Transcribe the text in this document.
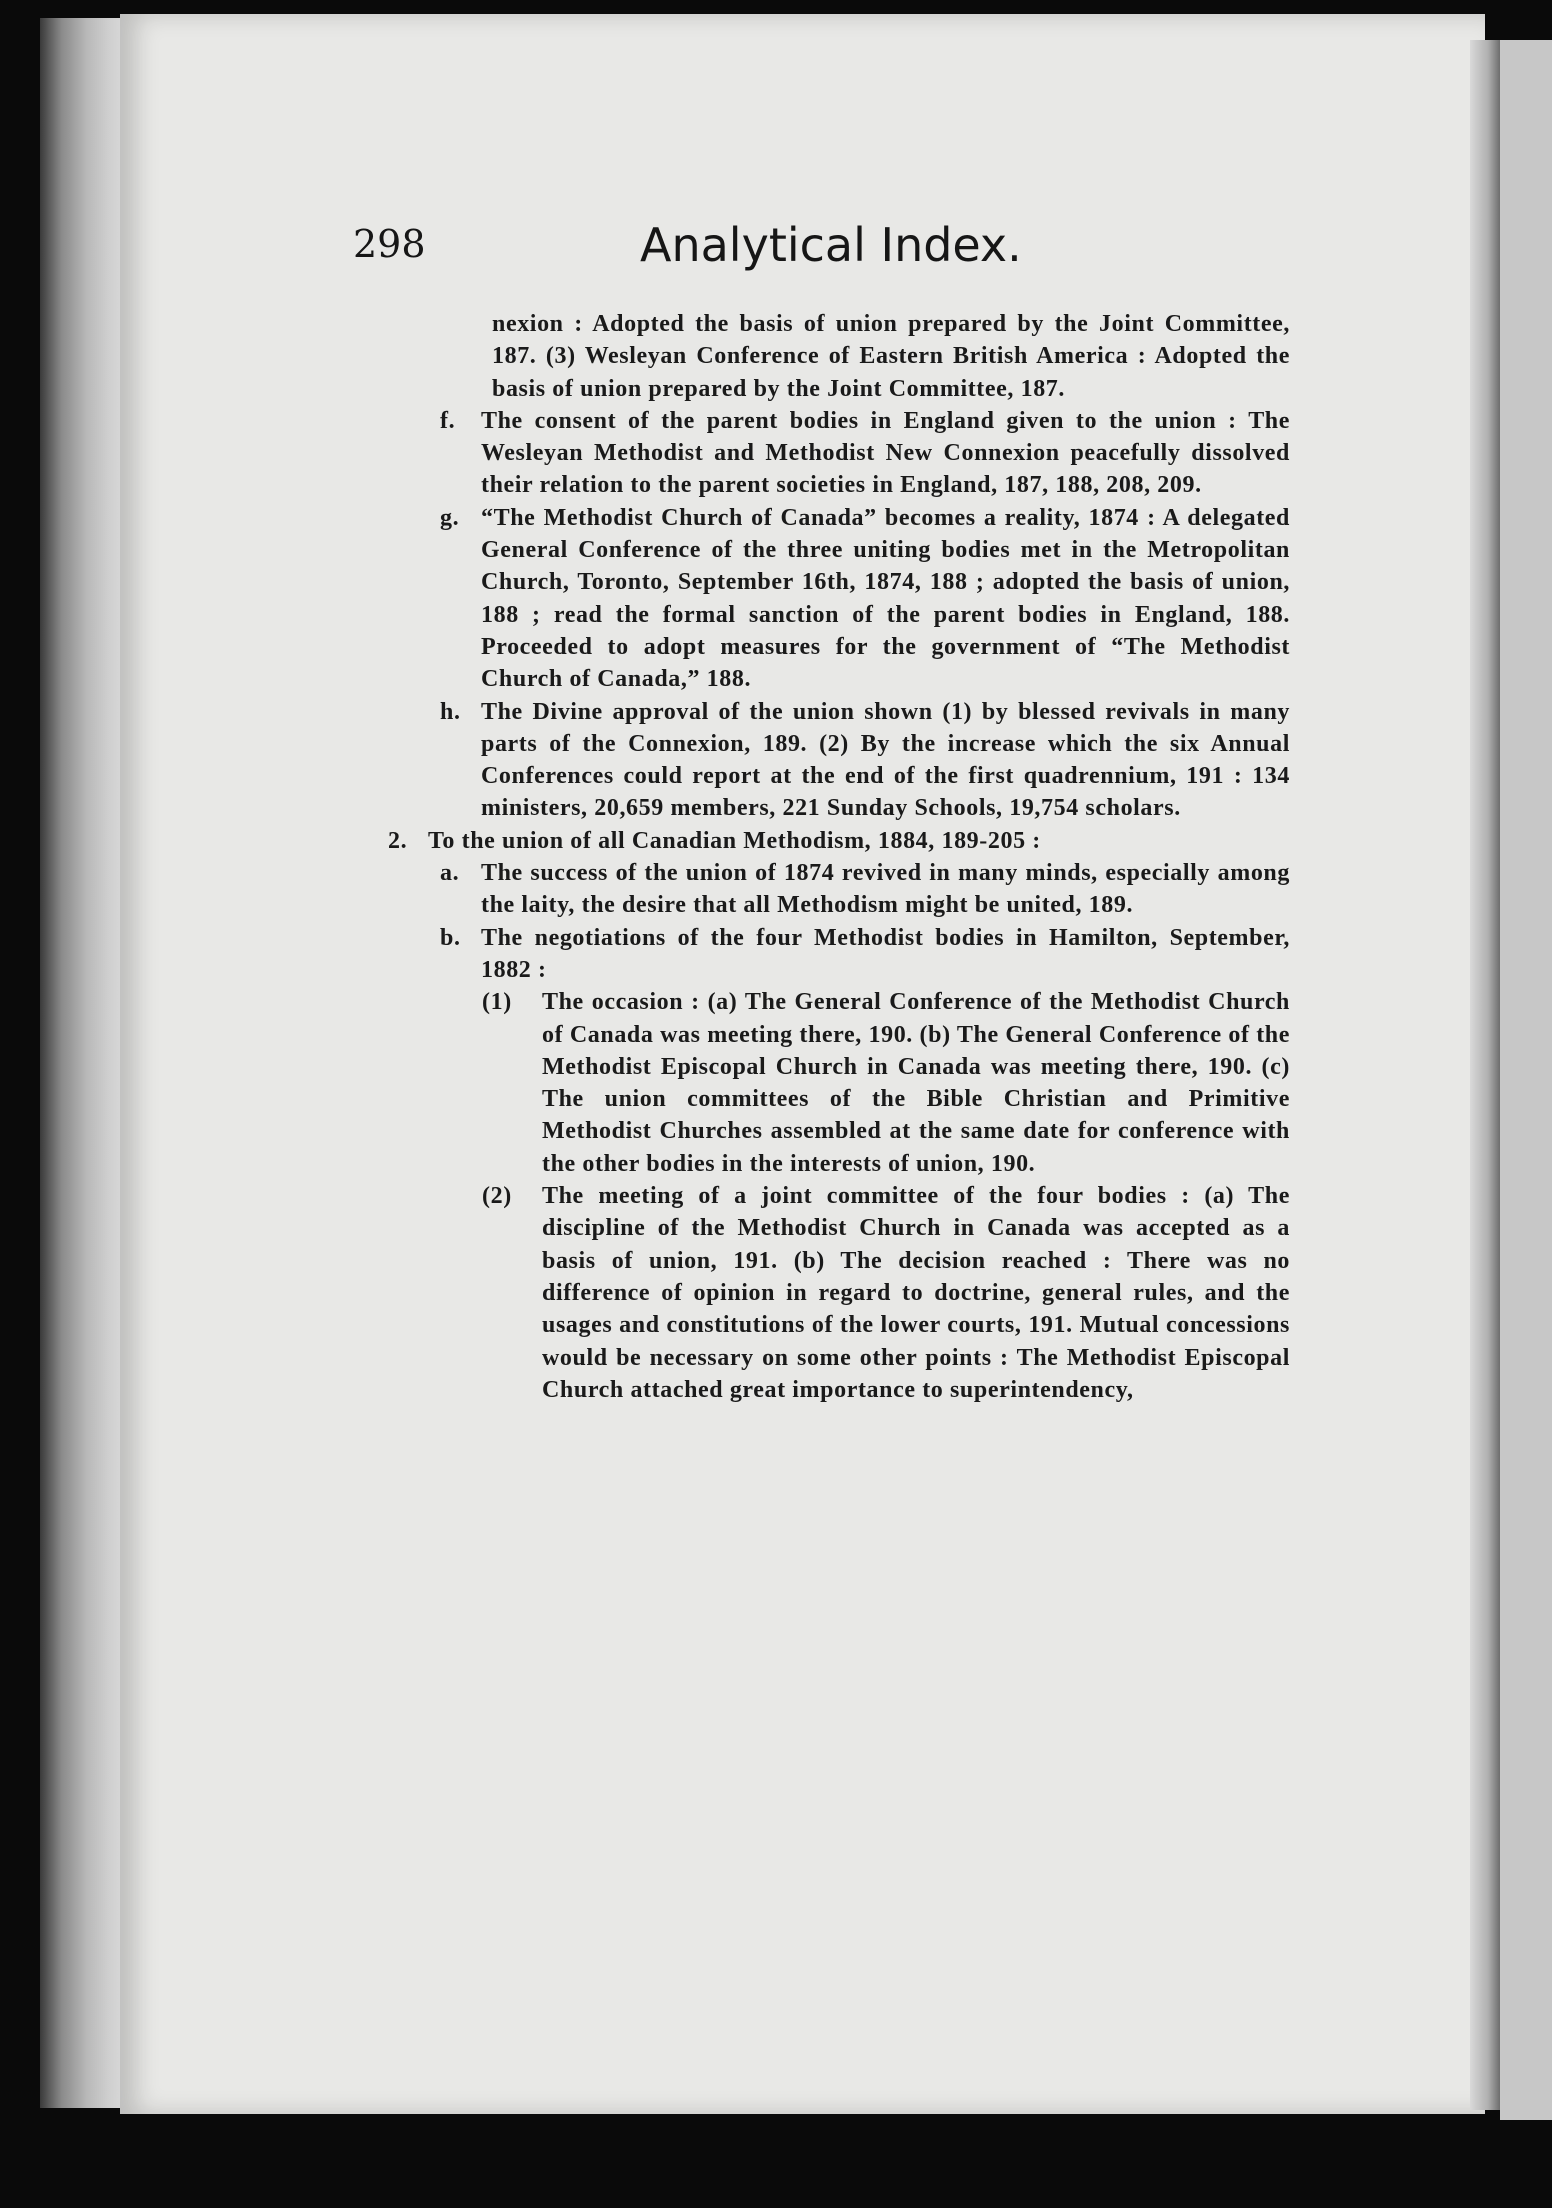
298	Analytical Index.
nexion : Adopted the basis of union prepared by the Joint Committee, 187. (3) Wesleyan Conference of Eastern British America : Adopted the basis of union prepared by the Joint Committee, 187.
f. The consent of the parent bodies in England given to the union : The Wesleyan Methodist and Methodist New Connexion peacefully dissolved their relation to the parent societies in England, 187, 188, 208, 209.
g. “The Methodist Church of Canada” becomes a reality, 1874 : A delegated General Conference of the three uniting bodies met in the Metropolitan Church, Toronto, September 16th, 1874, 188 ; adopted the basis of union, 188 ; read the formal sanction of the parent bodies in England, 188. Proceeded to adopt measures for the government of “The Methodist Church of Canada,” 188.
h. The Divine approval of the union shown (1) by blessed revivals in many parts of the Connexion, 189. (2) By the increase which the six Annual Conferences could report at the end of the first quadrennium, 191 : 134 ministers, 20,659 members, 221 Sunday Schools, 19,754 scholars.
2. To the union of all Canadian Methodism, 1884, 189-205 :
a. The success of the union of 1874 revived in many minds, especially among the laity, the desire that all Methodism might be united, 189.
b. The negotiations of the four Methodist bodies in Hamilton, September, 1882 :
(1) The occasion : (a) The General Conference of the Methodist Church of Canada was meeting there, 190. (b) The General Conference of the Methodist Episcopal Church in Canada was meeting there, 190. (c) The union committees of the Bible Christian and Primitive Methodist Churches assembled at the same date for conference with the other bodies in the interests of union, 190.
(2) The meeting of a joint committee of the four bodies : (a) The discipline of the Methodist Church in Canada was accepted as a basis of union, 191. (b) The decision reached : There was no difference of opinion in regard to doctrine, general rules, and the usages and constitutions of the lower courts, 191. Mutual concessions would be necessary on some other points : The Methodist Episcopal Church attached great importance to superintendency,
